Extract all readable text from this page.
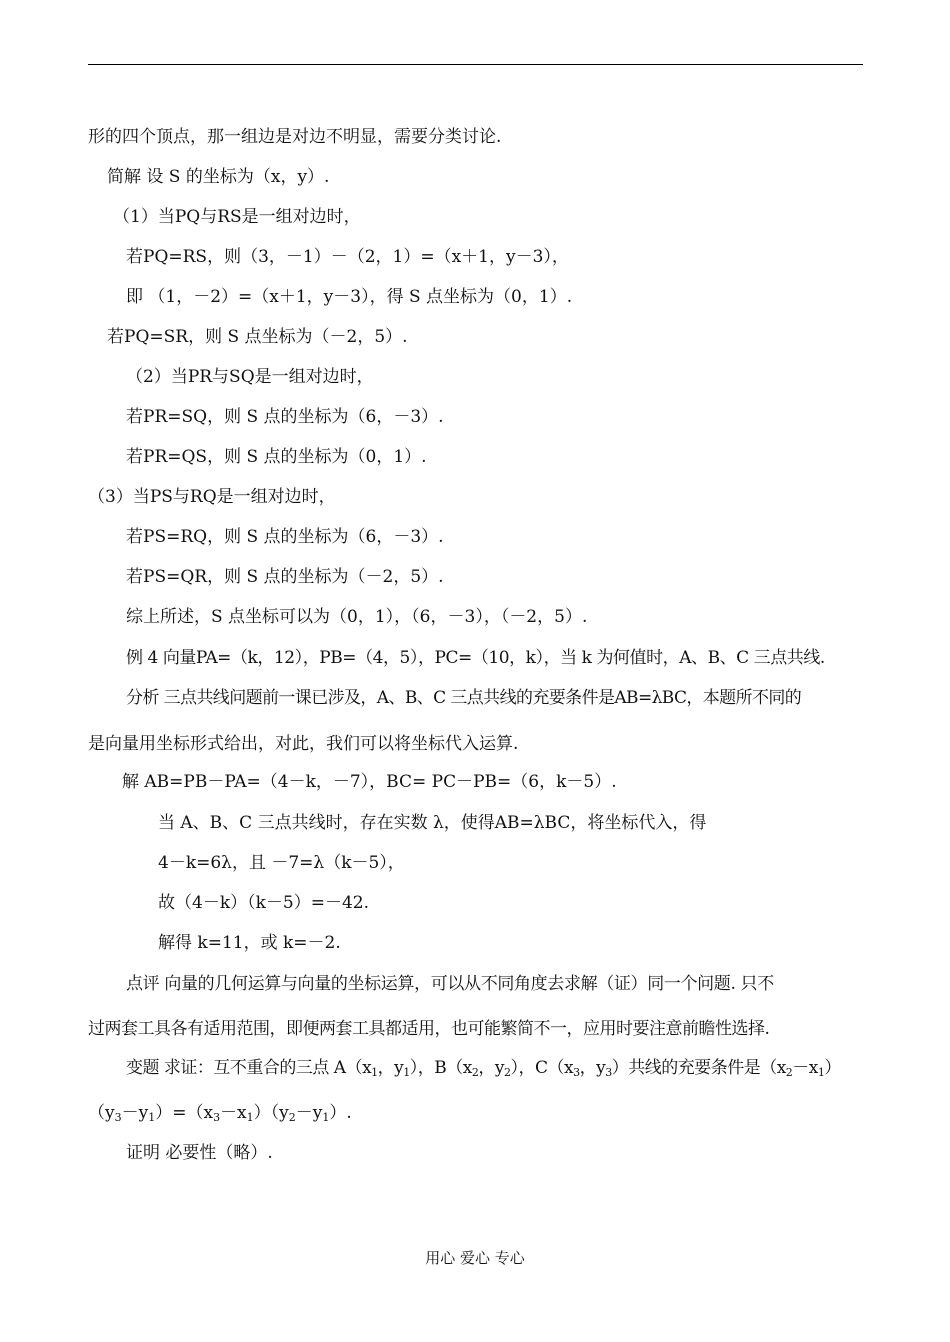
形的四个顶点，那一组边是对边不明显，需要分类讨论.
简解 设 S 的坐标为（x，y）.
（1）当PQ与RS是一组对边时，
若PQ=RS，则（3，－1）－（2，1）=（x＋1，y－3），
即 （1，－2）=（x＋1，y－3），得 S 点坐标为（0，1）.
若PQ=SR，则 S 点坐标为（－2，5）.
（2）当PR与SQ是一组对边时，
若PR=SQ，则 S 点的坐标为（6，－3）.
若PR=QS，则 S 点的坐标为（0，1）.
（3）当PS与RQ是一组对边时，
若PS=RQ，则 S 点的坐标为（6，－3）.
若PS=QR，则 S 点的坐标为（－2，5）.
综上所述，S 点坐标可以为（0，1），（6，－3），（－2，5）.
例 4 向量PA=（k，12），PB=（4，5），PC=（10，k），当 k 为何值时，A、B、C 三点共线.
分析 三点共线问题前一课已涉及，A、B、C 三点共线的充要条件是AB=λBC，本题所不同的
是向量用坐标形式给出，对此，我们可以将坐标代入运算.
解 AB=PB－PA=（4－k，－7），BC= PC－PB=（6，k－5）.
当 A、B、C 三点共线时，存在实数 λ，使得AB=λBC，将坐标代入，得
4－k=6λ，且 －7=λ（k－5），
故（4－k）（k－5）=－42.
解得 k=11，或 k=－2.
点评 向量的几何运算与向量的坐标运算，可以从不同角度去求解（证）同一个问题. 只不
过两套工具各有适用范围，即便两套工具都适用，也可能繁简不一，应用时要注意前瞻性选择.
变题 求证：互不重合的三点 $A(x_1$，$y_1$），$B(x_2$，$y_2$），$C(x_3$，$y_3$）共线的充要条件是$(x_2-x_1)$
$(y_3-y_1)=(x_3-x_1)(y_2-y_1)$.
证明 必要性（略）.
用心 爱心 专心
